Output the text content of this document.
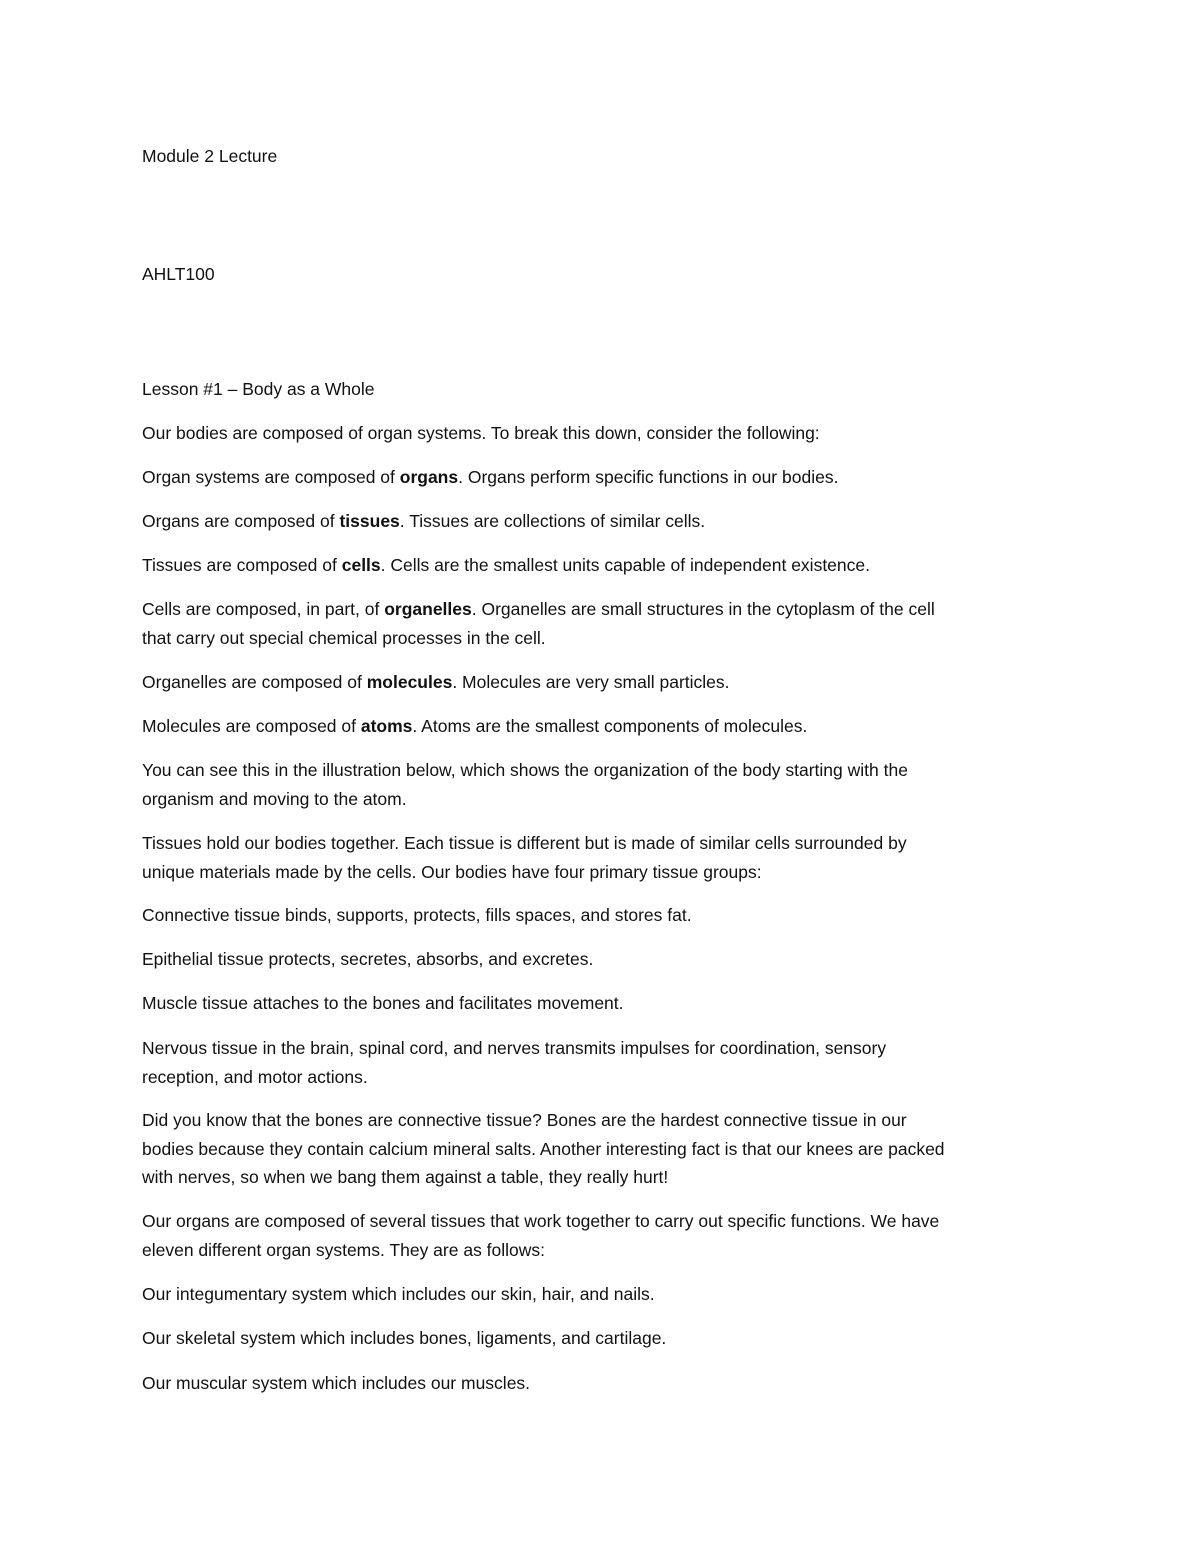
Module 2 Lecture
AHLT100
Lesson #1 – Body as a Whole
Our bodies are composed of organ systems. To break this down, consider the following:
Organ systems are composed of organs. Organs perform specific functions in our bodies.
Organs are composed of tissues. Tissues are collections of similar cells.
Tissues are composed of cells. Cells are the smallest units capable of independent existence.
Cells are composed, in part, of organelles. Organelles are small structures in the cytoplasm of the cell
that carry out special chemical processes in the cell.
Organelles are composed of molecules. Molecules are very small particles.
Molecules are composed of atoms. Atoms are the smallest components of molecules.
You can see this in the illustration below, which shows the organization of the body starting with the
organism and moving to the atom.
Tissues hold our bodies together. Each tissue is different but is made of similar cells surrounded by
unique materials made by the cells. Our bodies have four primary tissue groups:
Connective tissue binds, supports, protects, fills spaces, and stores fat.
Epithelial tissue protects, secretes, absorbs, and excretes.
Muscle tissue attaches to the bones and facilitates movement.
Nervous tissue in the brain, spinal cord, and nerves transmits impulses for coordination, sensory
reception, and motor actions.
Did you know that the bones are connective tissue? Bones are the hardest connective tissue in our
bodies because they contain calcium mineral salts. Another interesting fact is that our knees are packed
with nerves, so when we bang them against a table, they really hurt!
Our organs are composed of several tissues that work together to carry out specific functions. We have
eleven different organ systems. They are as follows:
Our integumentary system which includes our skin, hair, and nails.
Our skeletal system which includes bones, ligaments, and cartilage.
Our muscular system which includes our muscles.
